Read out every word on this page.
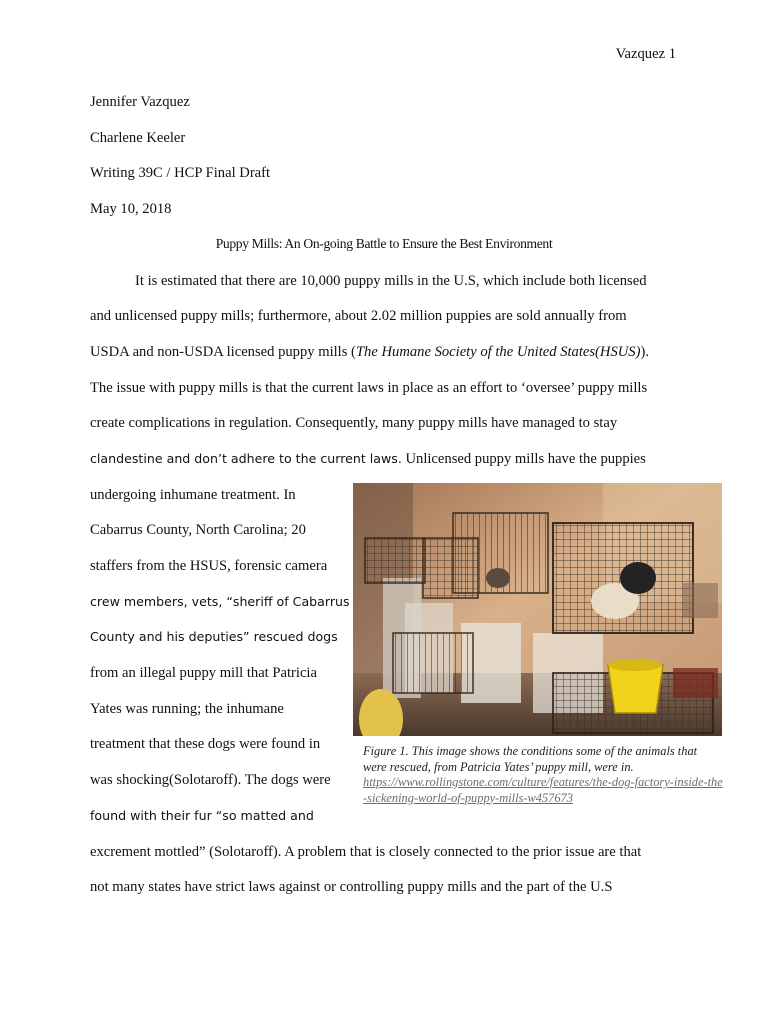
Vazquez 1
Jennifer Vazquez
Charlene Keeler
Writing 39C / HCP Final Draft
May 10, 2018
Puppy Mills: An On-going Battle to Ensure the Best Environment
It is estimated that there are 10,000 puppy mills in the U.S, which include both licensed
and unlicensed puppy mills; furthermore, about 2.02 million puppies are sold annually from
USDA and non-USDA licensed puppy mills (The Humane Society of the United States(HSUS)).
The issue with puppy mills is that the current laws in place as an effort to ‘oversee’ puppy mills
create complications in regulation. Consequently, many puppy mills have managed to stay
clandestine and don’t adhere to the current laws. Unlicensed puppy mills have the puppies
undergoing inhumane treatment. In
Cabarrus County, North Carolina; 20
staffers from the HSUS, forensic camera
crew members, vets, “sheriff of Cabarrus
County and his deputies” rescued dogs
from an illegal puppy mill that Patricia
Yates was running; the inhumane
treatment that these dogs were found in
was shocking(Solotaroff). The dogs were
found with their fur “so matted and
excrement mottled” (Solotaroff). A problem that is closely connected to the prior issue are that
not many states have strict laws against or controlling puppy mills and the part of the U.S
Figure 1. This image shows the conditions some of the animals that were rescued, from Patricia Yates’ puppy mill, were in.
https://www.rollingstone.com/culture/features/the-dog-factory-inside-the-sickening-world-of-puppy-mills-w457673
